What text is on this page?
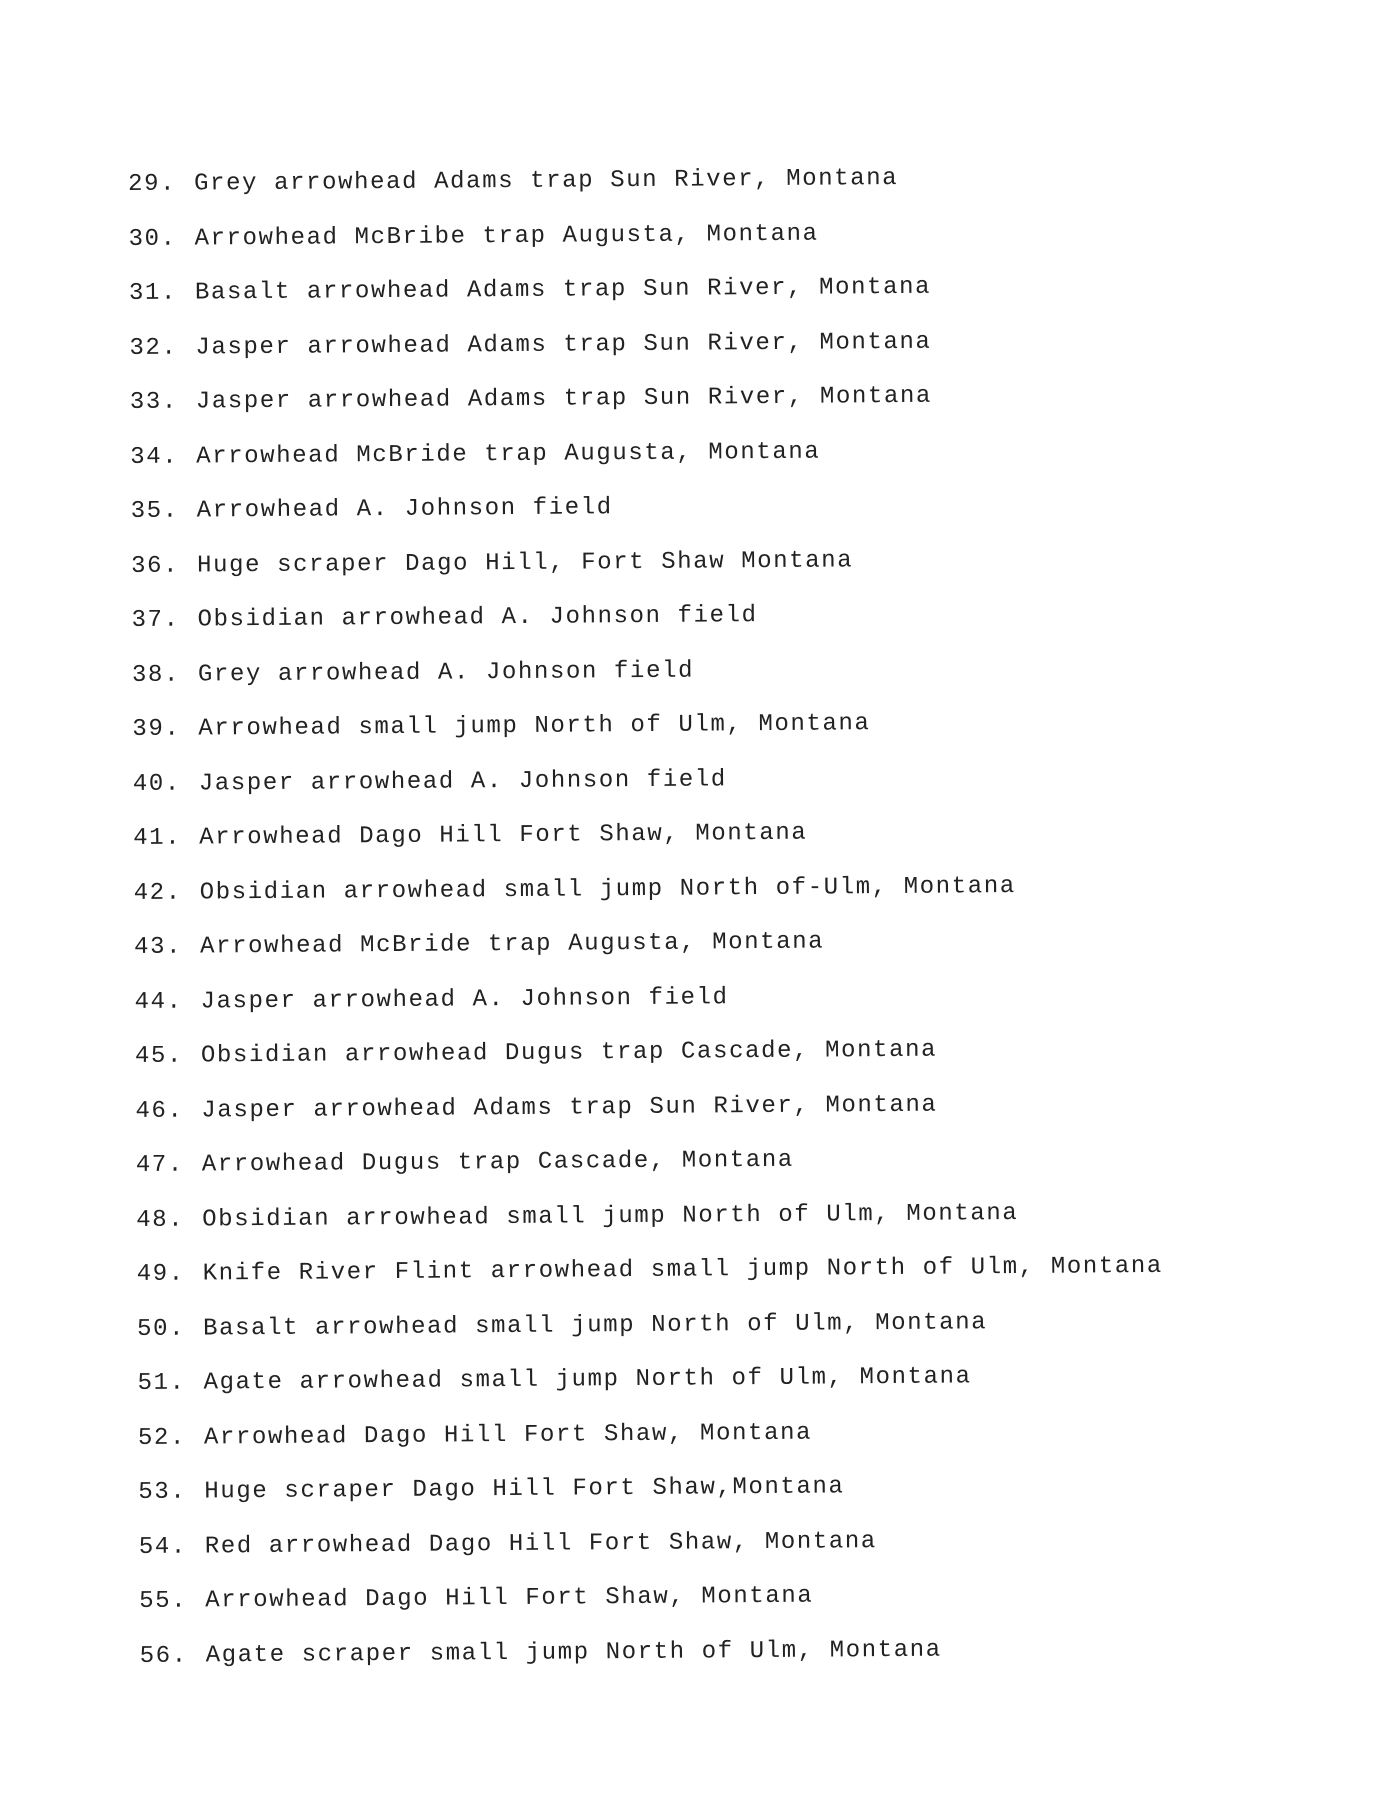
29. Grey arrowhead Adams trap Sun River, Montana
30. Arrowhead McBribe trap Augusta, Montana
31. Basalt arrowhead Adams trap Sun River, Montana
32. Jasper arrowhead Adams trap Sun River, Montana
33. Jasper arrowhead Adams trap Sun River, Montana
34. Arrowhead McBride trap Augusta, Montana
35. Arrowhead A. Johnson field
36. Huge scraper Dago Hill, Fort Shaw Montana
37. Obsidian arrowhead A. Johnson field
38. Grey arrowhead A. Johnson field
39. Arrowhead small jump North of Ulm, Montana
40. Jasper arrowhead A. Johnson field
41. Arrowhead Dago Hill Fort Shaw, Montana
42. Obsidian arrowhead small jump North of-Ulm, Montana
43. Arrowhead McBride trap Augusta, Montana
44. Jasper arrowhead A. Johnson field
45. Obsidian arrowhead Dugus trap Cascade, Montana
46. Jasper arrowhead Adams trap Sun River, Montana
47. Arrowhead Dugus trap Cascade, Montana
48. Obsidian arrowhead small jump North of Ulm, Montana
49. Knife River Flint arrowhead small jump North of Ulm, Montana
50. Basalt arrowhead small jump North of Ulm, Montana
51. Agate arrowhead small jump North of Ulm, Montana
52. Arrowhead Dago Hill Fort Shaw, Montana
53. Huge scraper Dago Hill Fort Shaw,Montana
54. Red arrowhead Dago Hill Fort Shaw, Montana
55. Arrowhead Dago Hill Fort Shaw, Montana
56. Agate scraper small jump North of Ulm, Montana
